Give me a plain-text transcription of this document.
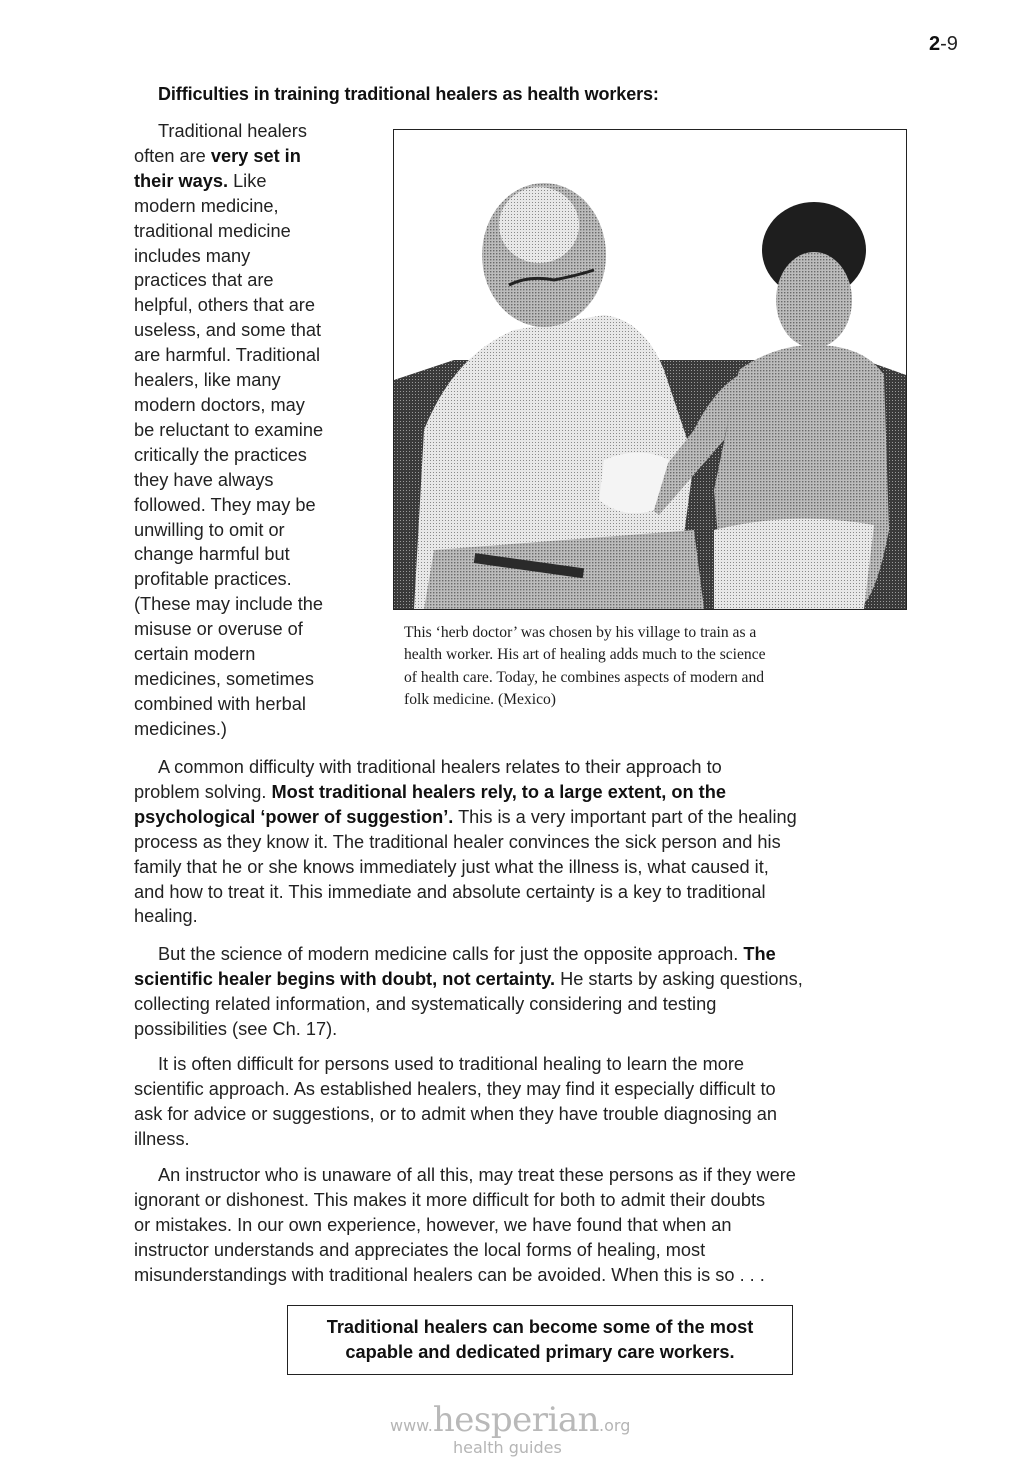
2-9
Difficulties in training traditional healers as health workers:
Traditional healers
often are very set in
their ways. Like
modern medicine,
traditional medicine
includes many
practices that are
helpful, others that are
useless, and some that
are harmful. Traditional
healers, like many
modern doctors, may
be reluctant to examine
critically the practices
they have always
followed. They may be
unwilling to omit or
change harmful but
profitable practices.
(These may include the
misuse or overuse of
certain modern
medicines, sometimes
combined with herbal
medicines.)
This ‘herb doctor’ was chosen by his village to train as a
health worker. His art of healing adds much to the science
of health care. Today, he combines aspects of modern and
folk medicine. (Mexico)
A common difficulty with traditional healers relates to their approach to
problem solving. Most traditional healers rely, to a large extent, on the
psychological ‘power of suggestion’. This is a very important part of the healing
process as they know it. The traditional healer convinces the sick person and his
family that he or she knows immediately just what the illness is, what caused it,
and how to treat it. This immediate and absolute certainty is a key to traditional
healing.
But the science of modern medicine calls for just the opposite approach. The
scientific healer begins with doubt, not certainty. He starts by asking questions,
collecting related information, and systematically considering and testing
possibilities (see Ch. 17).
It is often difficult for persons used to traditional healing to learn the more
scientific approach. As established healers, they may find it especially difficult to
ask for advice or suggestions, or to admit when they have trouble diagnosing an
illness.
An instructor who is unaware of all this, may treat these persons as if they were
ignorant or dishonest. This makes it more difficult for both to admit their doubts
or mistakes. In our own experience, however, we have found that when an
instructor understands and appreciates the local forms of healing, most
misunderstandings with traditional healers can be avoided. When this is so . . .
Traditional healers can become some of the most
capable and dedicated primary care workers.
www.hesperian.org
health guides
